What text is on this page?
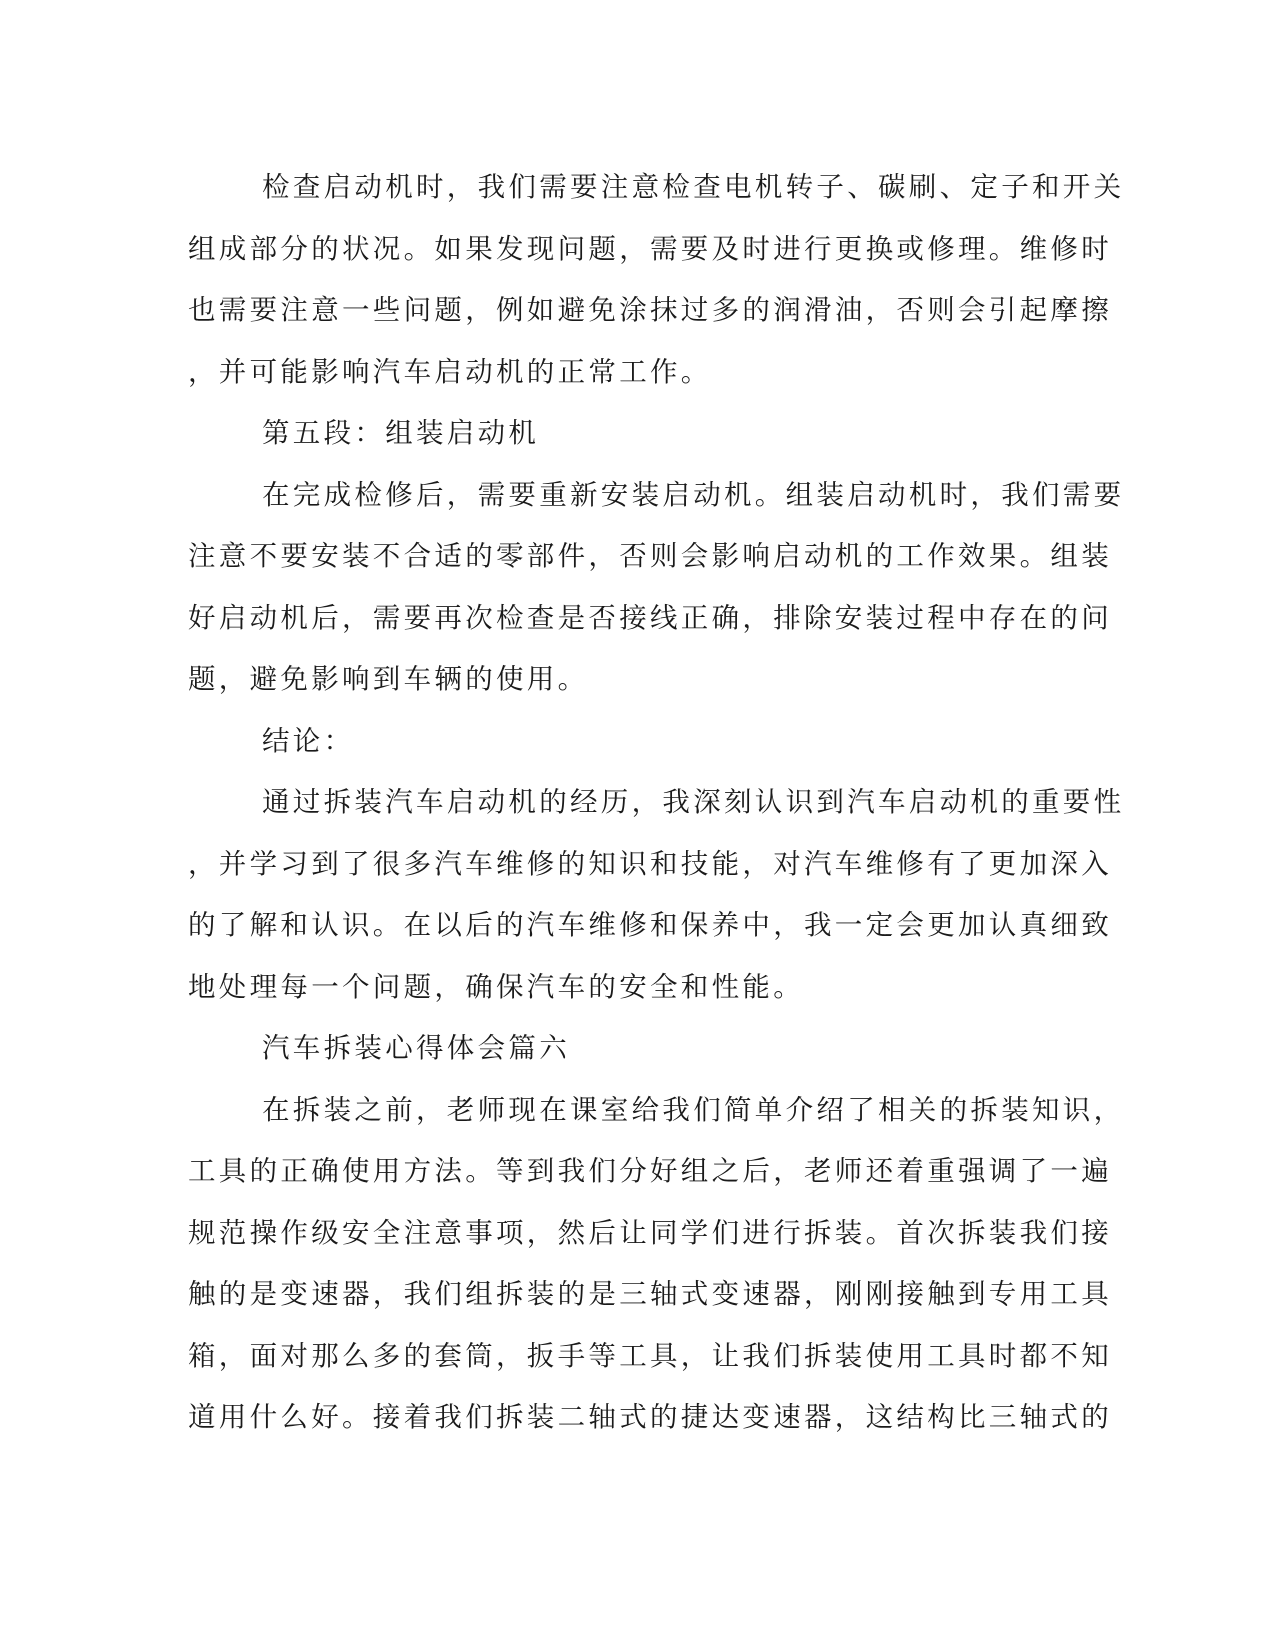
检查启动机时，我们需要注意检查电机转子、碳刷、定子和开关
组成部分的状况。如果发现问题，需要及时进行更换或修理。维修时
也需要注意一些问题，例如避免涂抹过多的润滑油，否则会引起摩擦
，并可能影响汽车启动机的正常工作。

第五段：组装启动机

在完成检修后，需要重新安装启动机。组装启动机时，我们需要
注意不要安装不合适的零部件，否则会影响启动机的工作效果。组装
好启动机后，需要再次检查是否接线正确，排除安装过程中存在的问
题，避免影响到车辆的使用。

结论：

通过拆装汽车启动机的经历，我深刻认识到汽车启动机的重要性
，并学习到了很多汽车维修的知识和技能，对汽车维修有了更加深入
的了解和认识。在以后的汽车维修和保养中，我一定会更加认真细致
地处理每一个问题，确保汽车的安全和性能。

汽车拆装心得体会篇六

在拆装之前，老师现在课室给我们简单介绍了相关的拆装知识，
工具的正确使用方法。等到我们分好组之后，老师还着重强调了一遍
规范操作级安全注意事项，然后让同学们进行拆装。首次拆装我们接
触的是变速器，我们组拆装的是三轴式变速器，刚刚接触到专用工具
箱，面对那么多的套筒，扳手等工具，让我们拆装使用工具时都不知
道用什么好。接着我们拆装二轴式的捷达变速器，这结构比三轴式的
